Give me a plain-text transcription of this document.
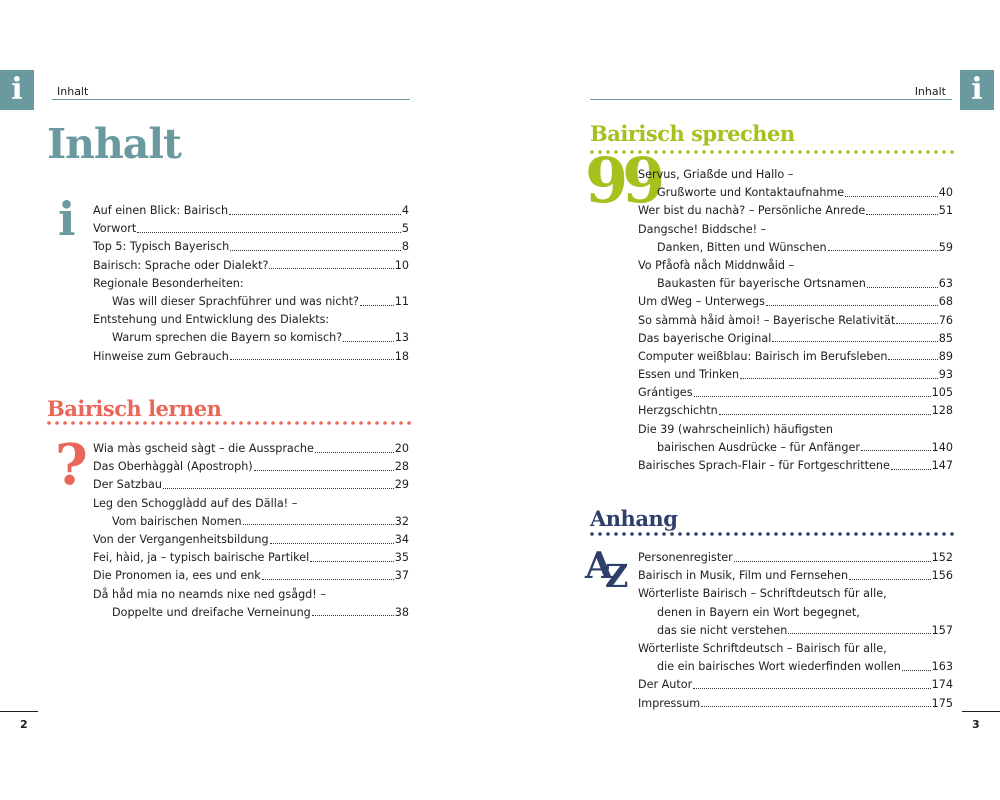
i	Inhalt
Inhalt
i Auf einen Blick: Bairisch	4
Vorwort	5
Top 5: Typisch Bayerisch	8
Bairisch: Sprache oder Dialekt?	10
Regionale Besonderheiten:
Was will dieser Sprachführer und was nicht?	11
Entstehung und Entwicklung des Dialekts:
Warum sprechen die Bayern so komisch?	13
Hinweise zum Gebrauch	18
Bairisch lernen
? Wia màs gscheid sàgt – die Aussprache	20
Das Oberhàggàl (Apostroph)	28
Der Satzbau	29
Leg den Schogglàdd auf des Dälla! –
Vom bairischen Nomen	32
Von der Vergangenheitsbildung	34
Fei, hàid, ja – typisch bairische Partikel	35
Die Pronomen ia, ees und enk	37
Då håd mia no neamds nixe ned gsågd! –
Doppelte und dreifache Verneinung	38
2
i
Inhalt
Bairisch sprechen
99
Servus, Griaßde und Hallo –
Grußworte und Kontaktaufnahme	40
Wer bist du nachà? – Persönliche Anrede	51
Dangsche! Biddsche! –
Danken, Bitten und Wünschen	59
Vo Pfåofà nåch Middnwåid –
Baukasten für bayerische Ortsnamen	63
Um dWeg – Unterwegs	68
So sàmmà håid àmoi! – Bayerische Relativität	76
Das bayerische Original	85
Computer weißblau: Bairisch im Berufsleben	89
Essen und Trinken	93
Grántiges	105
Herzgschichtn	128
Die 39 (wahrscheinlich) häufigsten
bairischen Ausdrücke – für Anfänger	140
Bairisches Sprach-Flair – für Fortgeschrittene	147
Anhang
A
Z Personenregister	152
Bairisch in Musik, Film und Fernsehen	156
Wörterliste Bairisch – Schriftdeutsch für alle,
denen in Bayern ein Wort begegnet,
das sie nicht verstehen	157
Wörterliste Schriftdeutsch – Bairisch für alle,
die ein bairisches Wort wiederfinden wollen	163
Der Autor	174
Impressum	175
3
